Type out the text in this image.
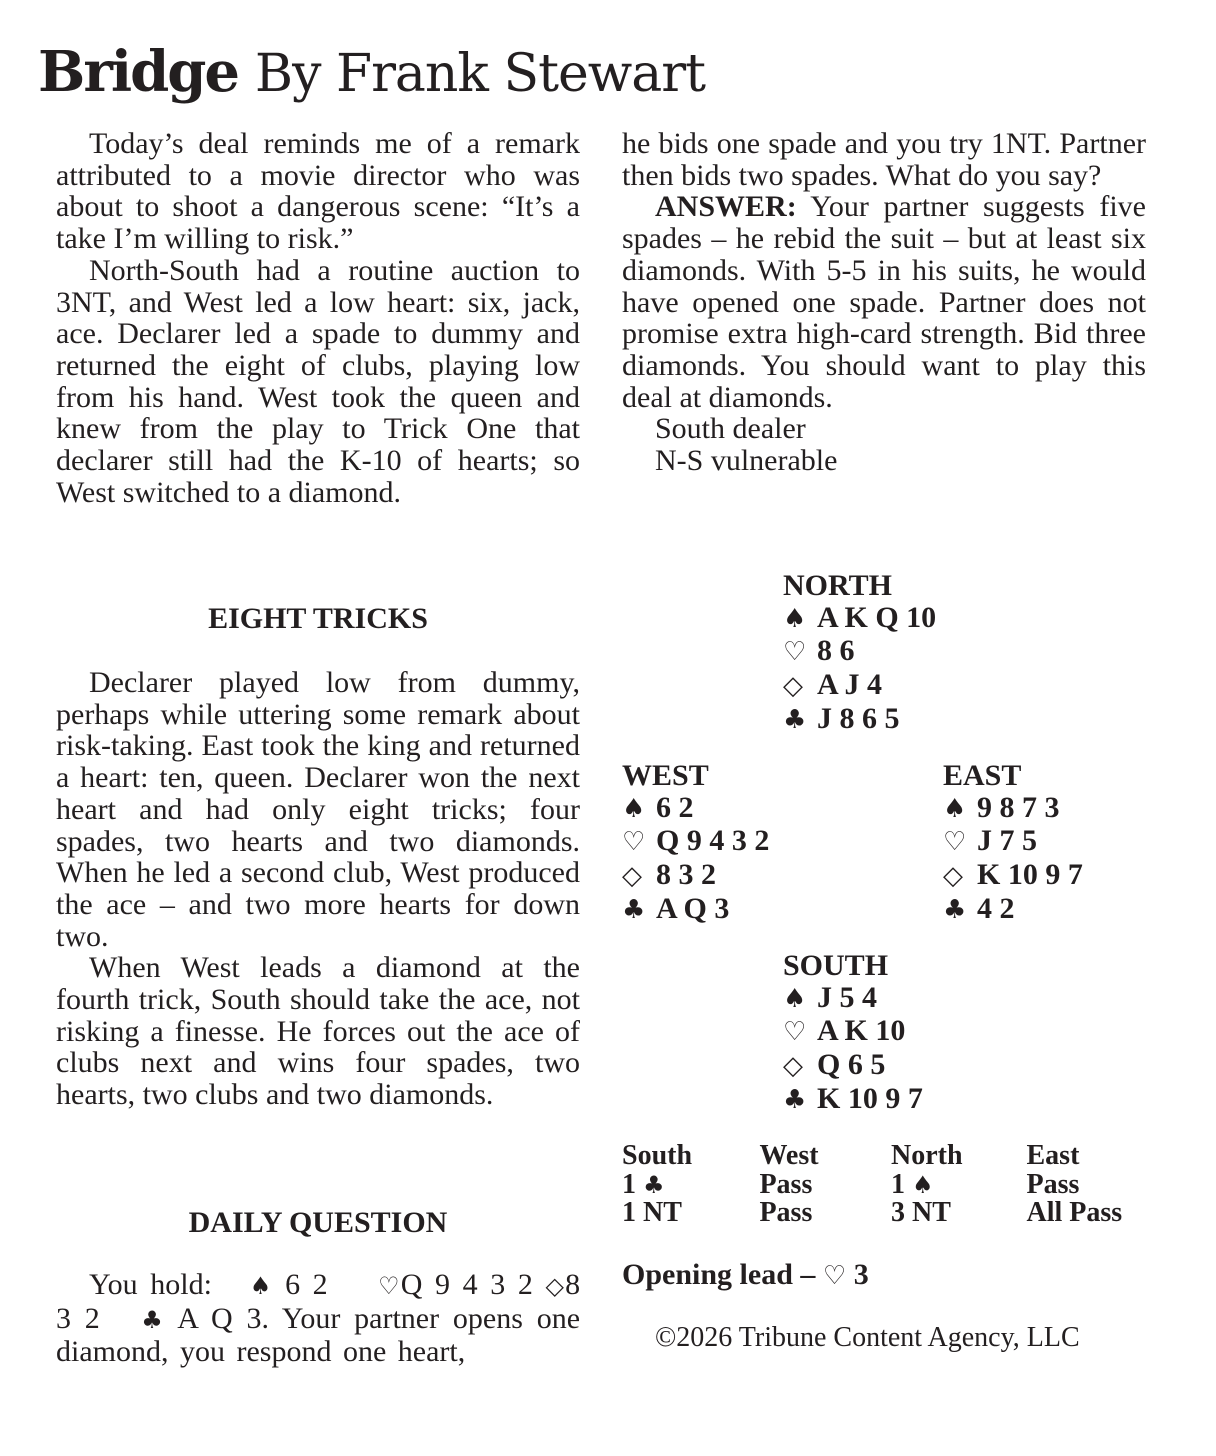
Bridge By Frank Stewart

Today’s deal reminds me of a remark attributed to a movie director who was about to shoot a dangerous scene: “It’s a take I’m willing to risk.”

North-South had a routine auction to 3NT, and West led a low heart: six, jack, ace. Declarer led a spade to dummy and returned the eight of clubs, playing low from his hand. West took the queen and knew from the play to Trick One that declarer still had the K-10 of hearts; so West switched to a diamond.

EIGHT TRICKS

Declarer played low from dummy, perhaps while uttering some remark about risk-taking. East took the king and returned a heart: ten, queen. Declarer won the next heart and had only eight tricks; four spades, two hearts and two diamonds. When he led a second club, West produced the ace – and two more hearts for down two.

When West leads a diamond at the fourth trick, South should take the ace, not risking a finesse. He forces out the ace of clubs next and wins four spades, two hearts, two clubs and two diamonds.

DAILY QUESTION

You hold: ♠ 6 2 ♡Q 9 4 3 2 ◇8 3 2 ♣ A Q 3. Your partner opens one diamond, you respond one heart,

he bids one spade and you try 1NT. Partner then bids two spades. What do you say?

ANSWER: Your partner suggests five spades – he rebid the suit – but at least six diamonds. With 5-5 in his suits, he would have opened one spade. Partner does not promise extra high-card strength. Bid three diamonds. You should want to play this deal at diamonds.

South dealer

N-S vulnerable

NORTH

♠ A K Q 10

♡ 8 6

◇ A J 4

♣ J 8 6 5

WEST

♠ 6 2

♡ Q 9 4 3 2

◇ 8 3 2

♣ A Q 3

EAST

♠ 9 8 7 3

♡ J 7 5

◇ K 10 9 7

♣ 4 2

SOUTH

♠ J 5 4

♡ A K 10

◇ Q 6 5

♣ K 10 9 7

South	West	North	East
1 ♣	Pass	1 ♠	Pass
1 NT	Pass	3 NT	All Pass
Opening lead – ♡ 3
©2026 Tribune Content Agency, LLC
